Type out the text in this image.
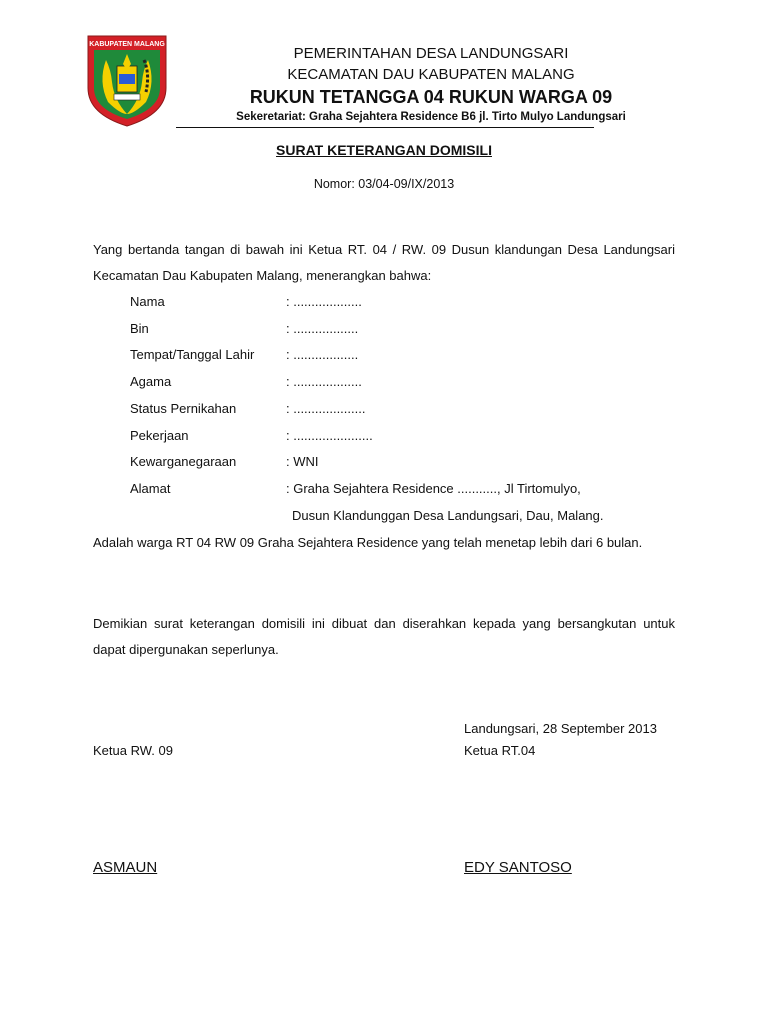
KABUPATEN MALANG
PEMERINTAHAN DESA LANDUNGSARI
KECAMATAN DAU KABUPATEN MALANG
RUKUN TETANGGA 04 RUKUN WARGA 09
Sekeretariat: Graha Sejahtera Residence B6 jl. Tirto Mulyo Landungsari
SURAT KETERANGAN DOMISILI
Nomor: 03/04-09/IX/2013
Yang bertanda tangan di bawah ini Ketua RT. 04 / RW. 09 Dusun klandungan Desa Landungsari Kecamatan Dau Kabupaten Malang, menerangkan bahwa:
Nama	: ...................
Bin	: ..................
Tempat/Tanggal Lahir : ..................
Agama	: ...................
Status Pernikahan	: ....................
Pekerjaan	: ......................
Kewarganegaraan	: WNI
Alamat	: Graha Sejahtera Residence ..........., Jl Tirtomulyo,
Dusun Klandunggan Desa Landungsari, Dau, Malang.
Adalah warga RT 04 RW 09 Graha Sejahtera Residence yang telah menetap lebih dari 6 bulan.
Demikian surat keterangan domisili ini dibuat dan diserahkan kepada yang bersangkutan untuk dapat dipergunakan seperlunya.
Landungsari, 28 September 2013
Ketua RW. 09	Ketua RT.04
ASMAUN	EDY SANTOSO
